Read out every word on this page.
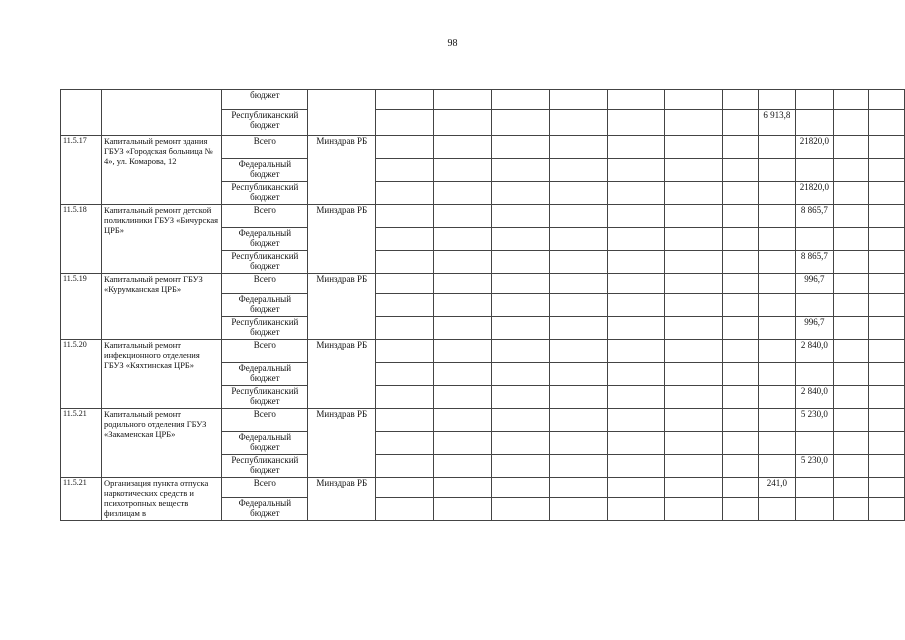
98
		бюджет												
		Республиканский бюджет									6 913,8			
11.5.17	Капитальный ремонт здания ГБУЗ «Городская больница № 4», ул. Комарова, 12	Всего	Минздрав РБ									21820,0		
		Федеральный бюджет												
		Республиканский бюджет										21820,0		
11.5.18	Капитальный ремонт детской поликлиники ГБУЗ «Бичурская ЦРБ»	Всего	Минздрав РБ									8 865,7		
		Федеральный бюджет												
		Республиканский бюджет										8 865,7		
11.5.19	Капитальный ремонт ГБУЗ «Курумканская ЦРБ»	Всего	Минздрав РБ									996,7		
		Федеральный бюджет												
		Республиканский бюджет										996,7		
11.5.20	Капитальный ремонт инфекционного отделения ГБУЗ «Кяхтинская ЦРБ»	Всего	Минздрав РБ									2 840,0		
		Федеральный бюджет												
		Республиканский бюджет										2 840,0		
11.5.21	Капитальный ремонт родильного отделения ГБУЗ «Закаменская ЦРБ»	Всего	Минздрав РБ									5 230,0		
		Федеральный бюджет												
		Республиканский бюджет										5 230,0		
11.5.21	Организация пункта отпуска наркотических средств и психотропных веществ физлицам в	Всего	Минздрав РБ								241,0			
		Федеральный бюджет												
